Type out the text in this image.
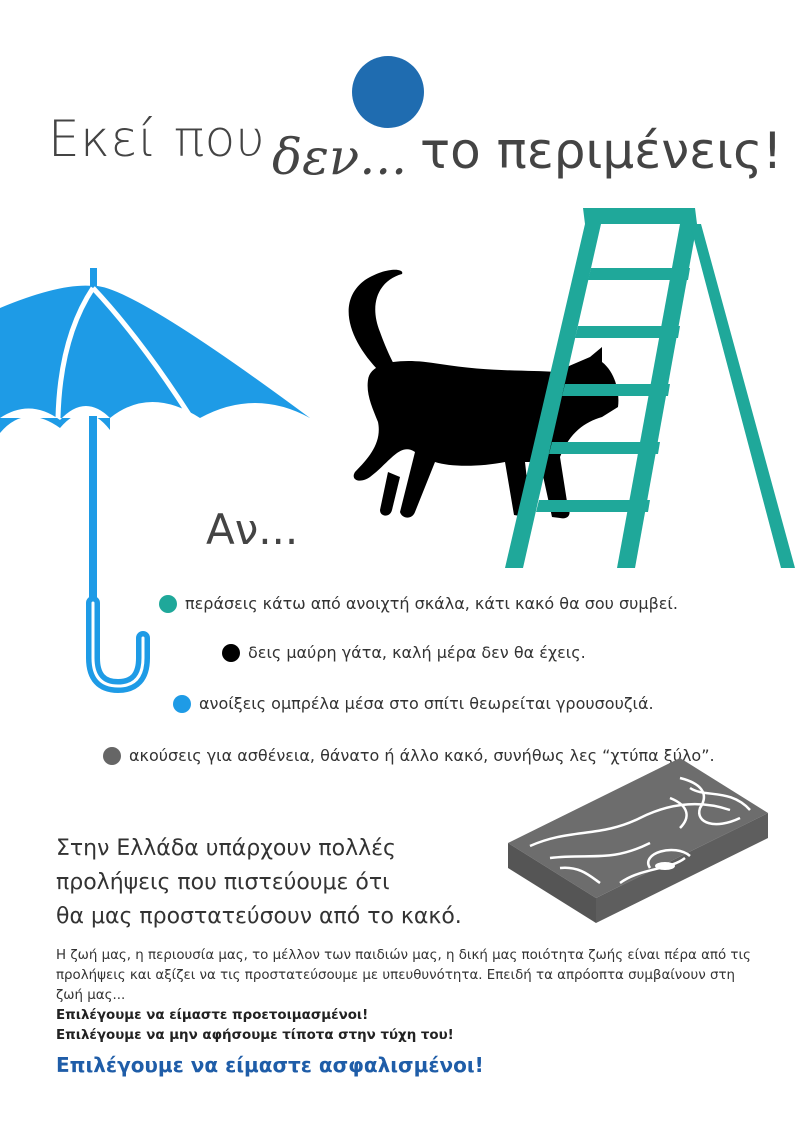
Εκεί που δεν... το περιμένεις!
Αν...
περάσεις κάτω από ανοιχτή σκάλα, κάτι κακό θα σου συμβεί.
δεις μαύρη γάτα, καλή μέρα δεν θα έχεις.
ανοίξεις ομπρέλα μέσα στο σπίτι θεωρείται γρουσουζιά.
ακούσεις για ασθένεια, θάνατο ή άλλο κακό, συνήθως λες “χτύπα ξύλο”.
Στην Ελλάδα υπάρχουν πολλές
προλήψεις που πιστεύουμε ότι
θα μας προστατεύσουν από το κακό.
Η ζωή μας, η περιουσία μας, το μέλλον των παιδιών μας, η δική μας ποιότητα ζωής είναι πέρα από τις προλήψεις και αξίζει να τις προστατεύσουμε με υπευθυνότητα. Επειδή τα απρόοπτα συμβαίνουν στη ζωή μας...
Επιλέγουμε να είμαστε προετοιμασμένοι!
Επιλέγουμε να μην αφήσουμε τίποτα στην τύχη του!
Επιλέγουμε να είμαστε ασφαλισμένοι!
